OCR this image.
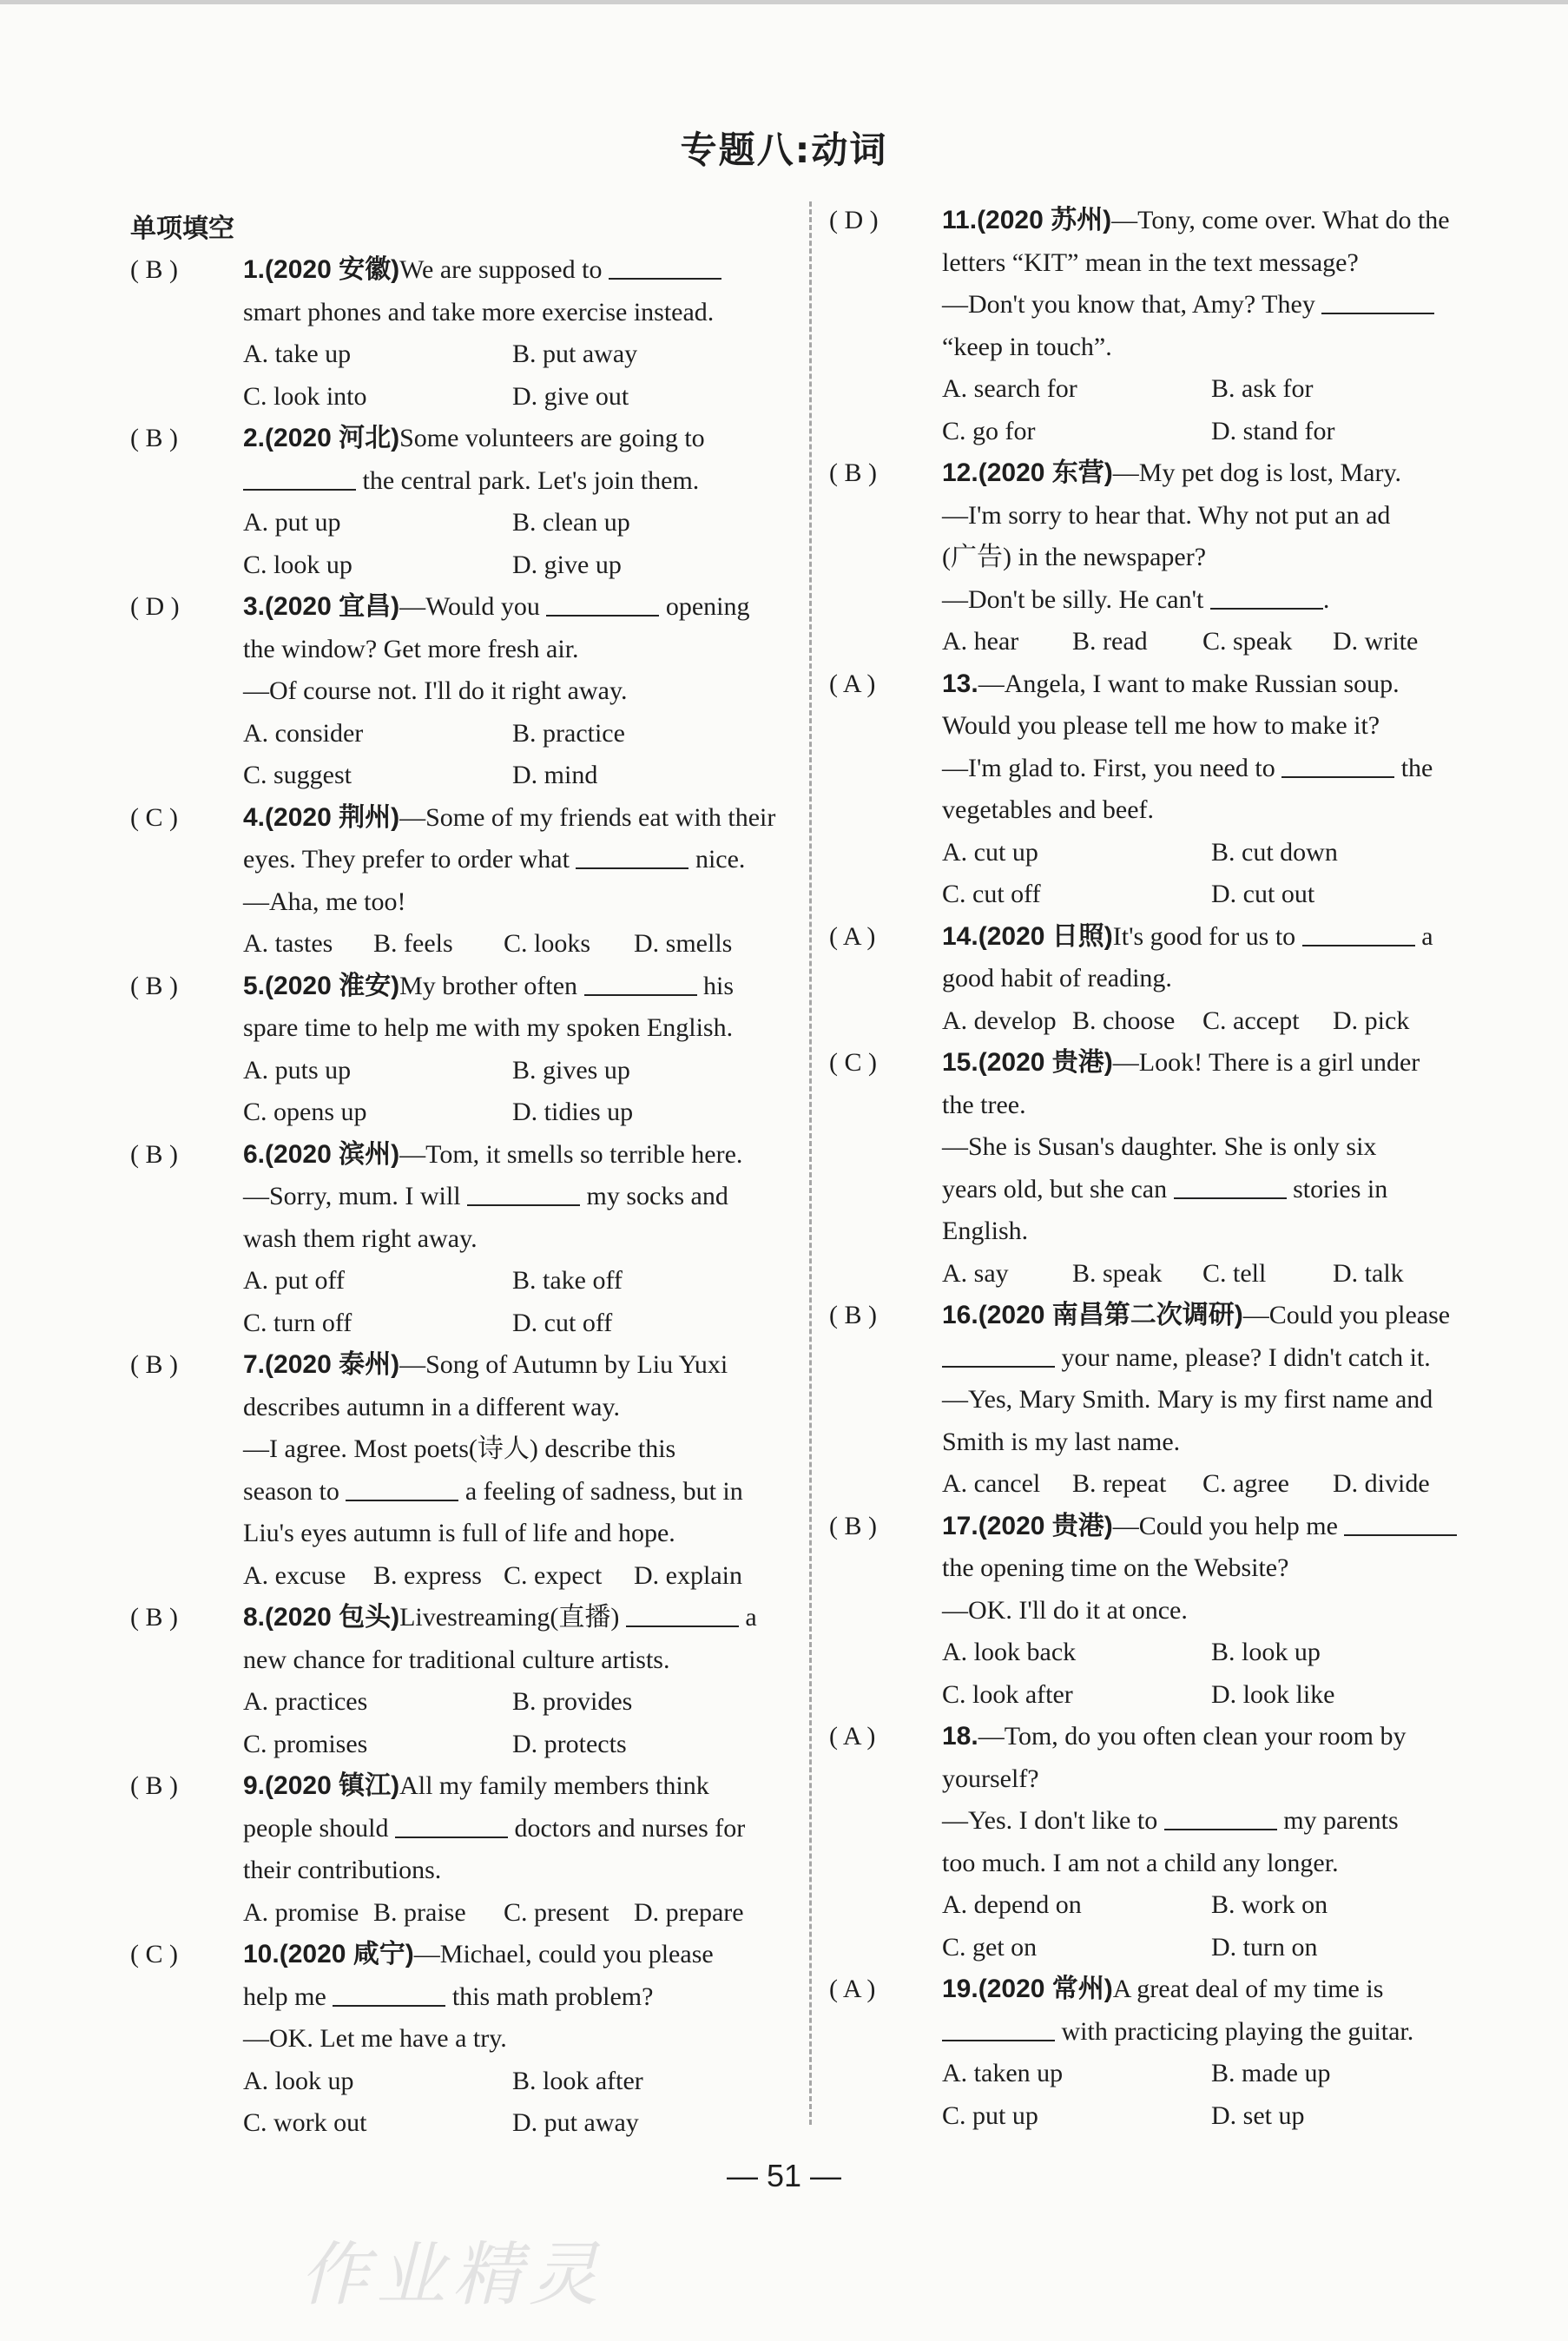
专题八:动词
单项填空
( B )	1.(2020 安徽)We are supposed to
smart phones and take more exercise instead.
A. take up	B. put away
C. look into	D. give out
( B )	2.(2020 河北)Some volunteers are going to
the central park. Let's join them.
A. put up	B. clean up
C. look up	D. give up
( D )	3.(2020 宜昌)—Would you	opening
the window? Get more fresh air.
—Of course not. I'll do it right away.
A. consider	B. practice
C. suggest	D. mind
( C )	4.(2020 荆州)—Some of my friends eat with their
eyes. They prefer to order what	nice.
—Aha, me too!
A. tastes	B. feels	C. looks	D. smells
( B )	5.(2020 淮安)My brother often	his
spare time to help me with my spoken English.
A. puts up	B. gives up
C. opens up	D. tidies up
( B )	6.(2020 滨州)—Tom, it smells so terrible here.
—Sorry, mum. I will	my socks and
wash them right away.
A. put off	B. take off
C. turn off	D. cut off
( B )	7.(2020 泰州)—Song of Autumn by Liu Yuxi
describes autumn in a different way.
—I agree. Most poets(诗人) describe this
season to	a feeling of sadness, but in
Liu's eyes autumn is full of life and hope.
A. excuse	B. express C. expect	D. explain
( B )	8.(2020 包头)Livestreaming(直播)	a
new chance for traditional culture artists.
A. practices	B. provides
C. promises	D. protects
( B )	9.(2020 镇江)All my family members think
people should	doctors and nurses for
their contributions.
A. promise B. praise	C. present D. prepare
( C )	10.(2020 咸宁)—Michael, could you please
help me	this math problem?
—OK. Let me have a try.
A. look up	B. look after
C. work out	D. put away
( D )	11.(2020 苏州)—Tony, come over. What do the
letters “KIT” mean in the text message?
—Don't you know that, Amy? They
“keep in touch”.
A. search for	B. ask for
C. go for	D. stand for
( B )	12.(2020 东营)—My pet dog is lost, Mary.
—I'm sorry to hear that. Why not put an ad
(广告) in the newspaper?
—Don't be silly. He can't	.
A. hear	B. read	C. speak	D. write
( A )	13.—Angela, I want to make Russian soup.
Would you please tell me how to make it?
—I'm glad to. First, you need to	the
vegetables and beef.
A. cut up	B. cut down
C. cut off	D. cut out
( A )	14.(2020 日照)It's good for us to	a
good habit of reading.
A. develop B. choose	C. accept	D. pick
( C )	15.(2020 贵港)—Look! There is a girl under
the tree.
—She is Susan's daughter. She is only six
years old, but she can	stories in
English.
A. say	B. speak	C. tell	D. talk
( B )	16.(2020 南昌第二次调研)—Could you please
your name, please? I didn't catch it.
—Yes, Mary Smith. Mary is my first name and
Smith is my last name.
A. cancel	B. repeat	C. agree	D. divide
( B )	17.(2020 贵港)—Could you help me
the opening time on the Website?
—OK. I'll do it at once.
A. look back	B. look up
C. look after	D. look like
( A )	18.—Tom, do you often clean your room by
yourself?
—Yes. I don't like to	my parents
too much. I am not a child any longer.
A. depend on	B. work on
C. get on	D. turn on
( A )	19.(2020 常州)A great deal of my time is
with practicing playing the guitar.
A. taken up	B. made up
C. put up	D. set up
— 51 —
作业精灵
